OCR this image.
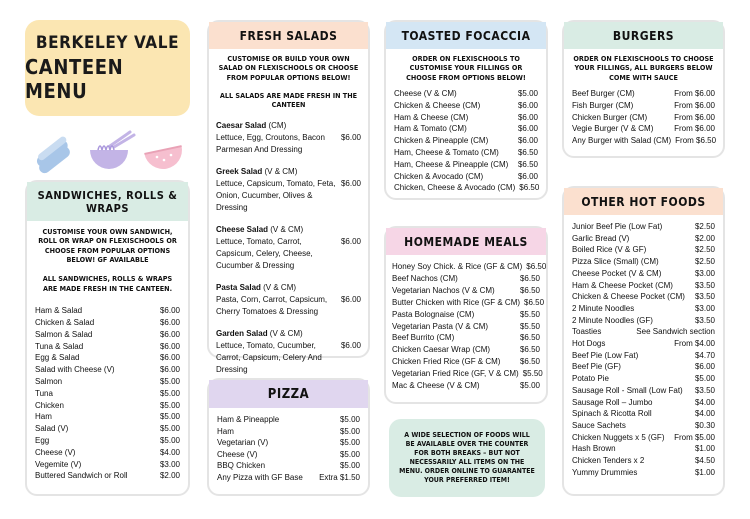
BERKELEY VALE
CANTEEN MENU
SANDWICHES, ROLLS & WRAPS
CUSTOMISE YOUR OWN SANDWICH, ROLL OR WRAP ON FLEXISCHOOLS OR CHOOSE FROM POPULAR OPTIONS BELOW! GF AVAILABLE
ALL SANDWICHES, ROLLS & WRAPS ARE MADE FRESH IN THE CANTEEN.
Ham & Salad	$6.00
Chicken & Salad	$6.00
Salmon & Salad	$6.00
Tuna & Salad	$6.00
Egg & Salad	$6.00
Salad with Cheese (V)	$6.00
Salmon	$5.00
Tuna	$5.00
Chicken	$5.00
Ham	$5.00
Salad (V)	$5.00
Egg	$5.00
Cheese (V)	$4.00
Vegemite (V)	$3.00
Buttered Sandwich or Roll	$2.00
FRESH SALADS
CUSTOMISE OR BUILD YOUR OWN SALAD ON FLEXISCHOOLS OR CHOOSE FROM POPULAR OPTIONS BELOW!
ALL SALADS ARE MADE FRESH IN THE CANTEEN
Caesar Salad (CM)
Lettuce, Egg, Croutons, Bacon Parmesan And Dressing
$6.00
Greek Salad (V & CM)
Lettuce, Capsicum, Tomato, Feta, Onion, Cucumber, Olives & Dressing
$6.00
Cheese Salad (V & CM)
Lettuce, Tomato, Carrot, Capsicum, Celery, Cheese, Cucumber & Dressing
$6.00
Pasta Salad (V & CM)
Pasta, Corn, Carrot, Capsicum, Cherry Tomatoes & Dressing
$6.00
Garden Salad (V & CM)
Lettuce, Tomato, Cucumber, Carrot, Capsicum, Celery And Dressing
$6.00
PIZZA
Ham & Pineapple	$5.00
Ham	$5.00
Vegetarian (V)	$5.00
Cheese (V)	$5.00
BBQ Chicken	$5.00
Any Pizza with GF Base	Extra $1.50
TOASTED FOCACCIA
ORDER ON FLEXISCHOOLS TO CUSTOMISE YOUR FILLINGS OR CHOOSE FROM OPTIONS BELOW!
Cheese (V & CM)	$5.00
Chicken & Cheese (CM)	$6.00
Ham & Cheese (CM)	$6.00
Ham & Tomato (CM)	$6.00
Chicken & Pineapple (CM)	$6.00
Ham, Cheese & Tomato (CM)	$6.50
Ham, Cheese & Pineapple (CM)	$6.50
Chicken & Avocado (CM)	$6.00
Chicken, Cheese & Avocado (CM) $6.50
HOMEMADE MEALS
Honey Soy Chick. & Rice (GF & CM) $6.50
Beef Nachos (CM)	$6.50
Vegetarian Nachos (V & CM)	$6.50
Butter Chicken with Rice (GF & CM) $6.50
Pasta Bolognaise (CM)	$5.50
Vegetarian Pasta (V & CM)	$5.50
Beef Burrito (CM)	$6.50
Chicken Caesar Wrap (CM)	$6.50
Chicken Fried Rice (GF & CM)	$6.50
Vegetarian Fried Rice (GF, V & CM) $5.50
Mac & Cheese (V & CM)	$5.00
A WIDE SELECTION OF FOODS WILL BE AVAILABLE OVER THE COUNTER FOR BOTH BREAKS – BUT NOT NECESSARILY ALL ITEMS ON THE MENU. ORDER ONLINE TO GUARANTEE YOUR PREFERRED ITEM!
BURGERS
ORDER ON FLEXISCHOOLS TO CHOOSE YOUR FILLINGS, ALL BURGERS BELOW COME WITH SAUCE
Beef Burger (CM)	From $6.00
Fish Burger (CM)	From $6.00
Chicken Burger (CM)	From $6.00
Vegie Burger (V & CM)	From $6.00
Any Burger with Salad (CM) From $6.50
OTHER HOT FOODS
Junior Beef Pie (Low Fat)	$2.50
Garlic Bread (V)	$2.00
Boiled Rice (V & GF)	$2.50
Pizza Slice (Small) (CM)	$2.50
Cheese Pocket (V & CM)	$3.00
Ham & Cheese Pocket (CM)	$3.50
Chicken & Cheese Pocket (CM)	$3.50
2 Minute Noodles	$3.00
2 Minute Noodles (GF)	$3.50
Toasties	See Sandwich section
Hot Dogs	From $4.00
Beef Pie (Low Fat)	$4.70
Beef Pie (GF)	$6.00
Potato Pie	$5.00
Sausage Roll - Small (Low Fat)	$3.50
Sausage Roll – Jumbo	$4.00
Spinach & Ricotta Roll	$4.00
Sauce Sachets	$0.30
Chicken Nuggets x 5 (GF)	From $5.00
Hash Brown	$1.00
Chicken Tenders x 2	$4.50
Yummy Drummies	$1.00
